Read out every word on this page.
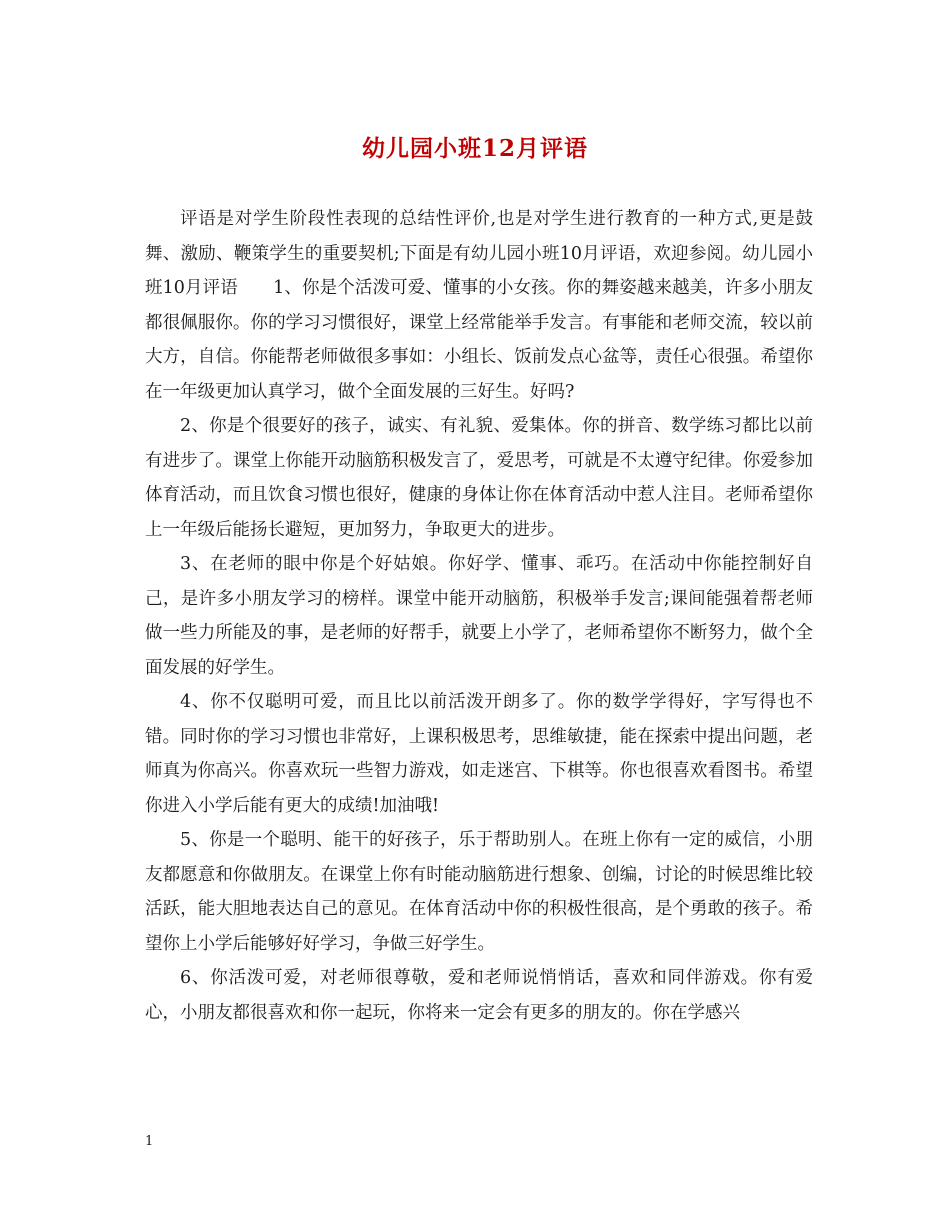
幼儿园小班12月评语

评语是对学生阶段性表现的总结性评价,也是对学生进行教育的一种方式,更是鼓舞、激励、鞭策学生的重要契机;下面是有幼儿园小班10月评语，欢迎参阅。幼儿园小班10月评语　　1、你是个活泼可爱、懂事的小女孩。你的舞姿越来越美，许多小朋友都很佩服你。你的学习习惯很好，课堂上经常能举手发言。有事能和老师交流，较以前大方，自信。你能帮老师做很多事如：小组长、饭前发点心盆等，责任心很强。希望你在一年级更加认真学习，做个全面发展的三好生。好吗?

2、你是个很要好的孩子，诚实、有礼貌、爱集体。你的拼音、数学练习都比以前有进步了。课堂上你能开动脑筋积极发言了，爱思考，可就是不太遵守纪律。你爱参加体育活动，而且饮食习惯也很好，健康的身体让你在体育活动中惹人注目。老师希望你上一年级后能扬长避短，更加努力，争取更大的进步。

3、在老师的眼中你是个好姑娘。你好学、懂事、乖巧。在活动中你能控制好自己，是许多小朋友学习的榜样。课堂中能开动脑筋，积极举手发言;课间能强着帮老师做一些力所能及的事，是老师的好帮手，就要上小学了，老师希望你不断努力，做个全面发展的好学生。

4、你不仅聪明可爱，而且比以前活泼开朗多了。你的数学学得好，字写得也不错。同时你的学习习惯也非常好，上课积极思考，思维敏捷，能在探索中提出问题，老师真为你高兴。你喜欢玩一些智力游戏，如走迷宫、下棋等。你也很喜欢看图书。希望你进入小学后能有更大的成绩!加油哦!

5、你是一个聪明、能干的好孩子，乐于帮助别人。在班上你有一定的威信，小朋友都愿意和你做朋友。在课堂上你有时能动脑筋进行想象、创编，讨论的时候思维比较活跃，能大胆地表达自己的意见。在体育活动中你的积极性很高，是个勇敢的孩子。希望你上小学后能够好好学习，争做三好学生。

6、你活泼可爱，对老师很尊敬，爱和老师说悄悄话，喜欢和同伴游戏。你有爱心，小朋友都很喜欢和你一起玩，你将来一定会有更多的朋友的。你在学感兴

1
